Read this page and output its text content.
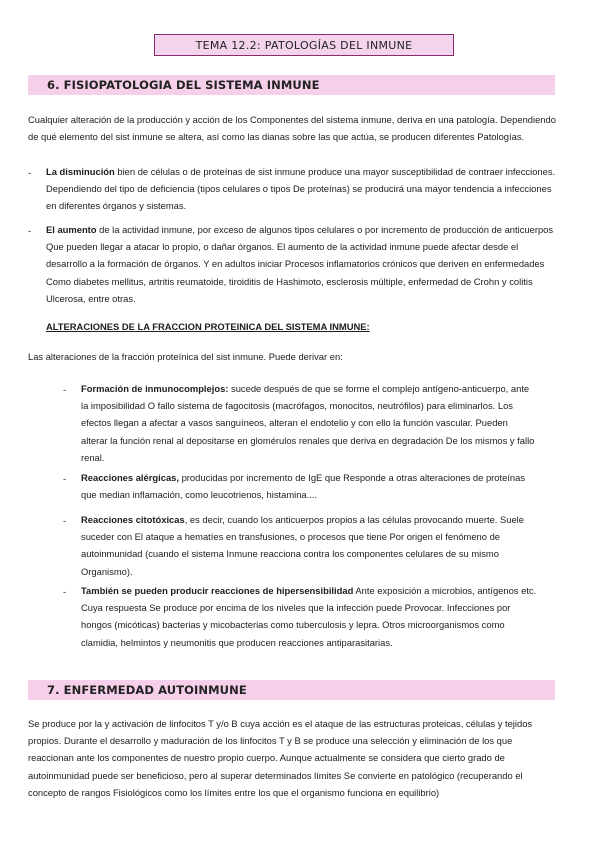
TEMA 12.2: PATOLOGÍAS DEL INMUNE
6. FISIOPATOLOGIA DEL SISTEMA INMUNE

Cualquier alteración de la producción y acción de los Componentes del sistema inmune, deriva en una patología. Dependiendo de qué elemento del sist inmune se altera, así como las dianas sobre las que actúa, se producen diferentes Patologías.

- La disminución bien de células o de proteínas de sist inmune produce una mayor susceptibilidad de contraer infecciones. Dependiendo del tipo de deficiencia (tipos celulares o tipos De proteínas) se producirá una mayor tendencia a infecciones en diferentes órganos y sistemas.

- El aumento de la actividad inmune, por exceso de algunos tipos celulares o por incremento de producción de anticuerpos Que pueden llegar a atacar lo propio, o dañar órganos. El aumento de la actividad inmune puede afectar desde el desarrollo a la formación de órganos. Y en adultos iniciar Procesos inflamatorios crónicos que deriven en enfermedades Como diabetes mellitus, artritis reumatoide, tiroiditis de Hashimoto, esclerosis múltiple, enfermedad de Crohn y colitis Ulcerosa, entre otras.

ALTERACIONES DE LA FRACCION PROTEINICA DEL SISTEMA INMUNE:

Las alteraciones de la fracción proteínica del sist inmune. Puede derivar en:

- Formación de inmunocomplejos: sucede después de que se forme el complejo antígeno-anticuerpo, ante la imposibilidad O fallo sistema de fagocitosis (macrófagos, monocitos, neutrófilos) para eliminarlos. Los efectos llegan a afectar a vasos sanguíneos, alteran el endotelio y con ello la función vascular. Pueden alterar la función renal al depositarse en glomérulos renales que deriva en degradación De los mismos y fallo renal.

- Reacciones alérgicas, producidas por incremento de IgE que Responde a otras alteraciones de proteínas que median inflamación, como leucotrienos, histamina....

- Reacciones citotóxicas, es decir, cuando los anticuerpos propios a las células provocando muerte. Suele suceder con El ataque a hematíes en transfusiones, o procesos que tiene Por origen el fenómeno de autoinmunidad (cuando el sistema Inmune reacciona contra los componentes celulares de su mismo Organismo).

- También se pueden producir reacciones de hipersensibilidad Ante exposición a microbios, antígenos etc. Cuya respuesta Se produce por encima de los niveles que la infección puede Provocar. Infecciones por hongos (micóticas) bacterias y micobacterias como tuberculosis y lepra. Otros microorganismos como clamidia, helmintos y neumonitis que producen reacciones antiparasitarias.

7. ENFERMEDAD AUTOINMUNE

Se produce por la y activación de linfocitos T y/o B cuya acción es el ataque de las estructuras proteicas, células y tejidos propios. Durante el desarrollo y maduración de los linfocitos T y B se produce una selección y eliminación de los que reaccionan ante los componentes de nuestro propio cuerpo. Aunque actualmente se considera que cierto grado de autoinmunidad puede ser beneficioso, pero al superar determinados límites Se convierte en patológico (recuperando el concepto de rangos Fisiológicos como los límites entre los que el organismo funciona en equilibrio)
